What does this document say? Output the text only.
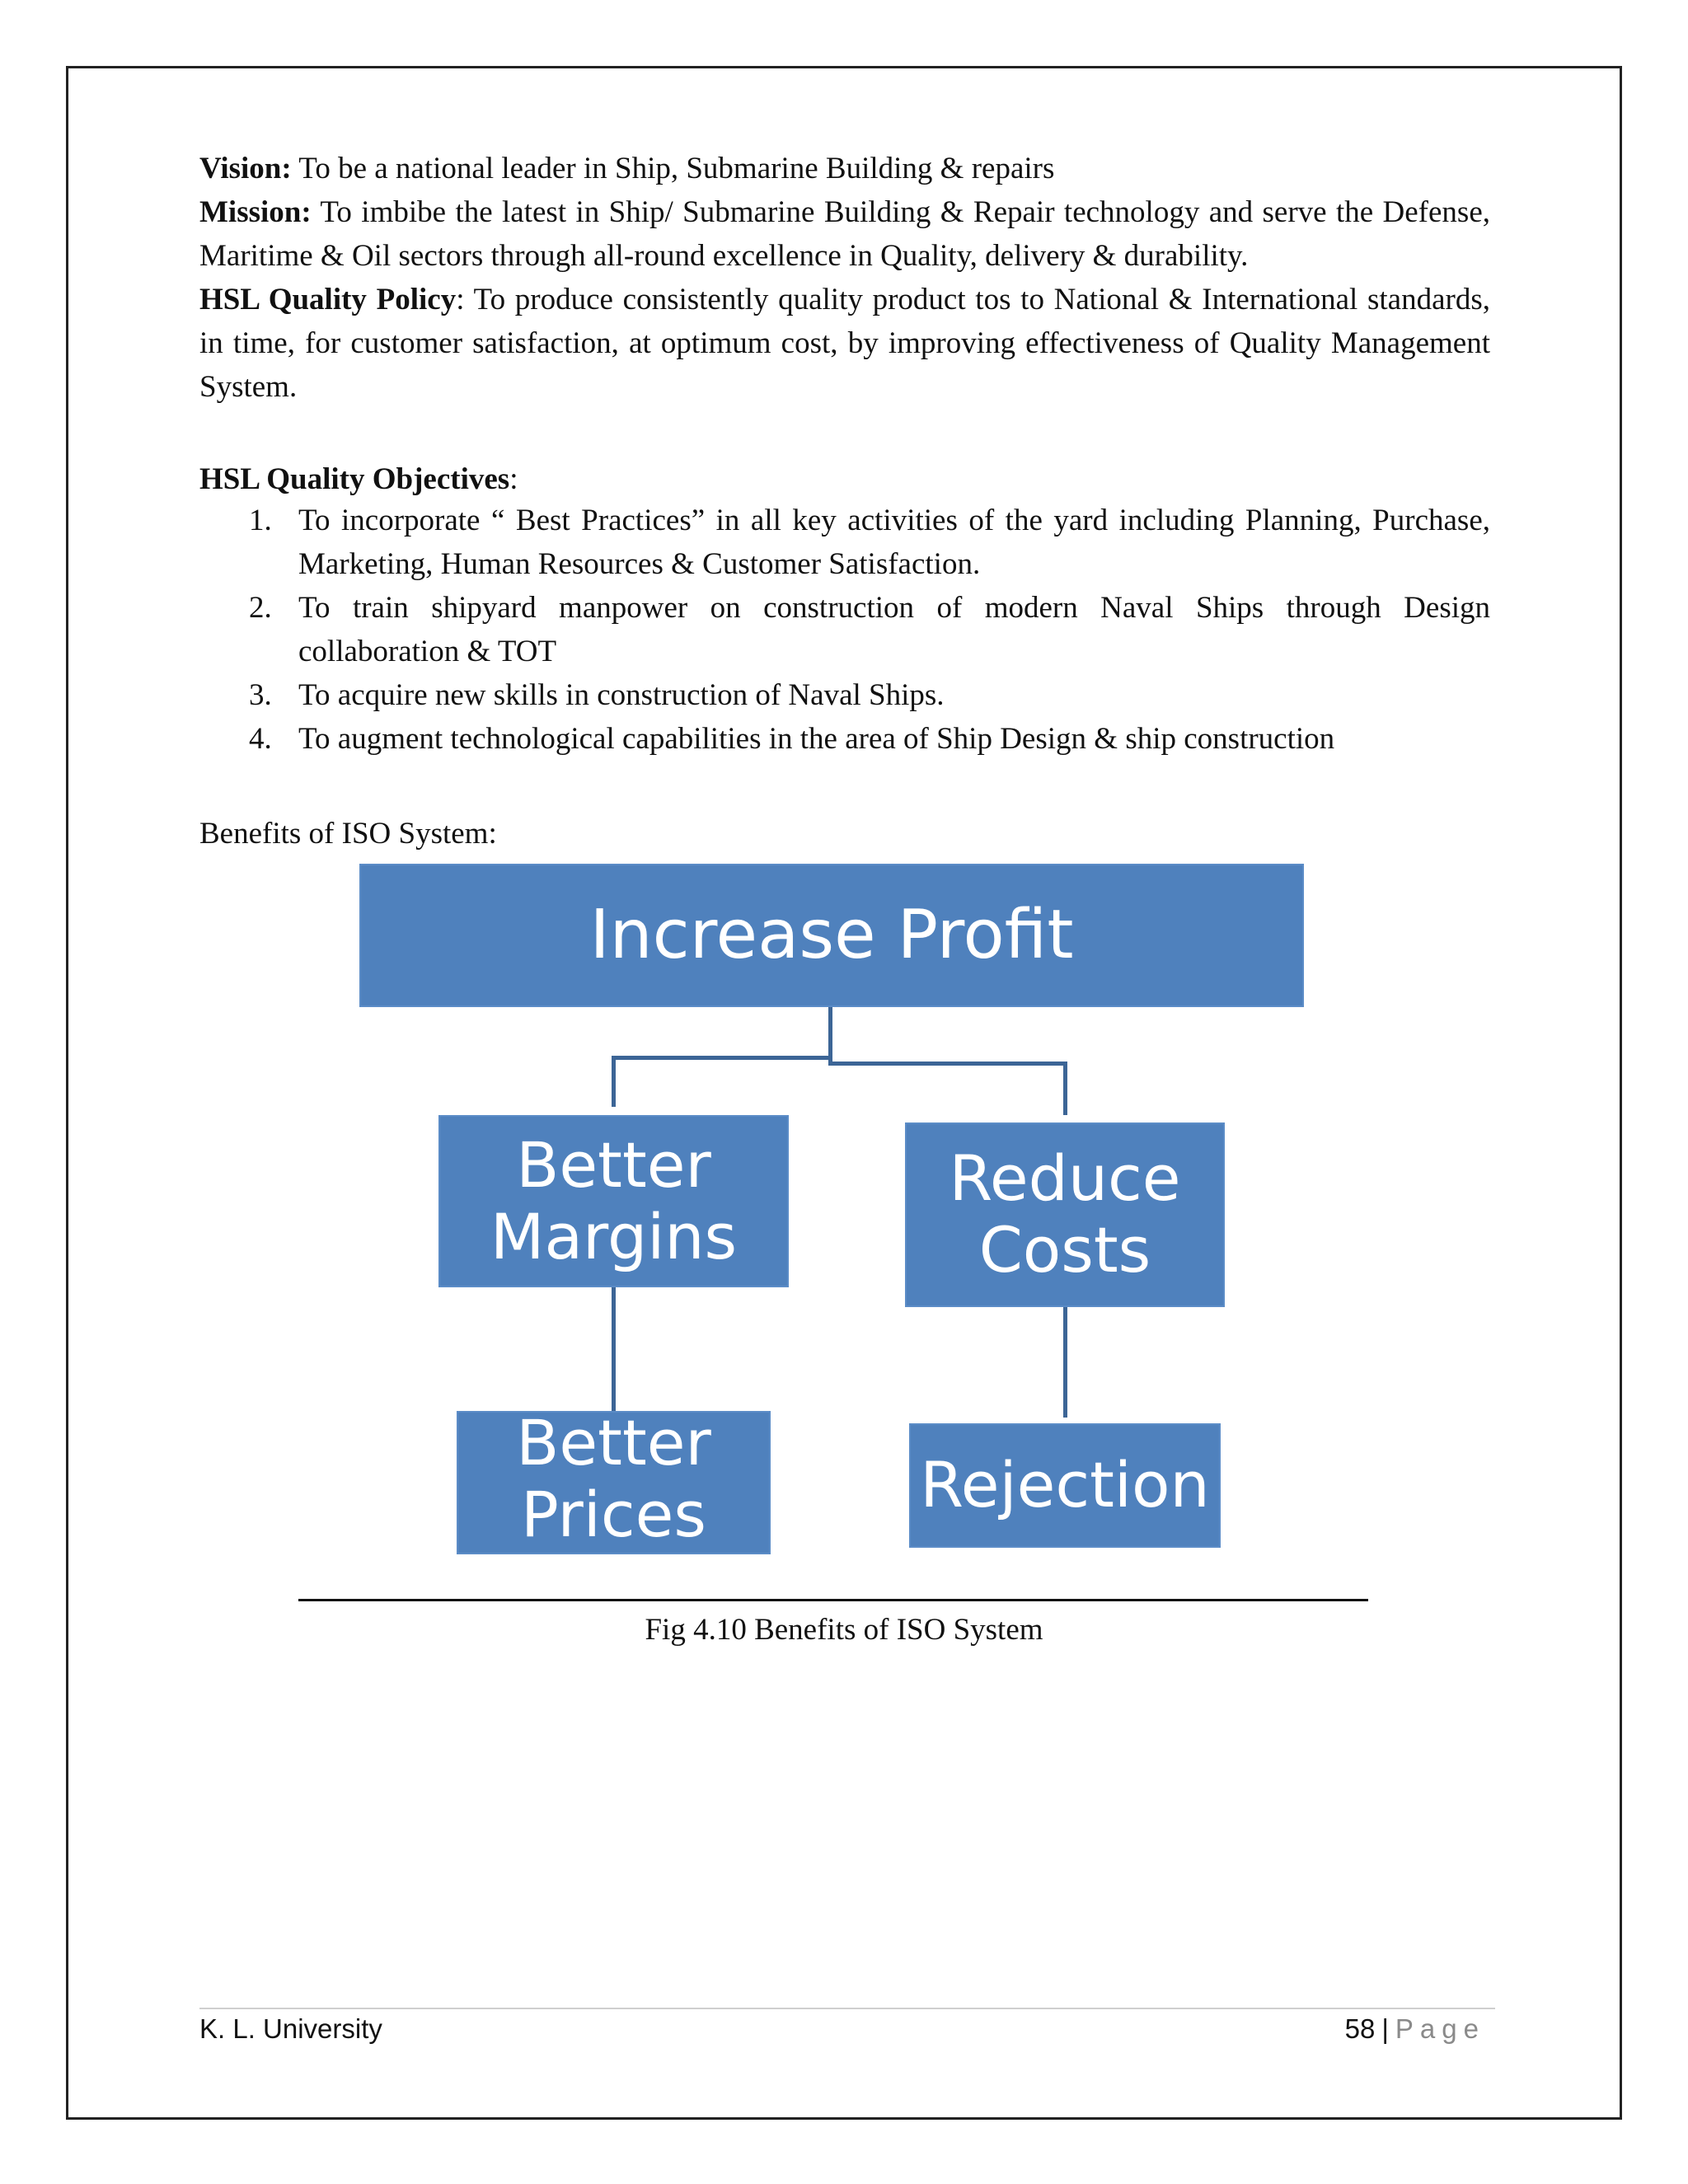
Vision: To be a national leader in Ship, Submarine Building & repairs

Mission: To imbibe the latest in Ship/ Submarine Building & Repair technology and serve the Defense, Maritime & Oil sectors through all-round excellence in Quality, delivery & durability.

HSL Quality Policy: To produce consistently quality product tos to National & International standards, in time, for customer satisfaction, at optimum cost, by improving effectiveness of Quality Management System.

HSL Quality Objectives:
1. To incorporate “ Best Practices” in all key activities of the yard including Planning, Purchase, Marketing, Human Resources & Customer Satisfaction.
2. To train shipyard manpower on construction of modern Naval Ships through Design collaboration & TOT
3. To acquire new skills in construction of Naval Ships.
4. To augment technological capabilities in the area of Ship Design & ship construction
Benefits of ISO System:
Increase Profit
Better
Margins
Reduce
Costs
Better
Prices	Rejection
Fig 4.10 Benefits of ISO System
K. L. University	58 | Page
